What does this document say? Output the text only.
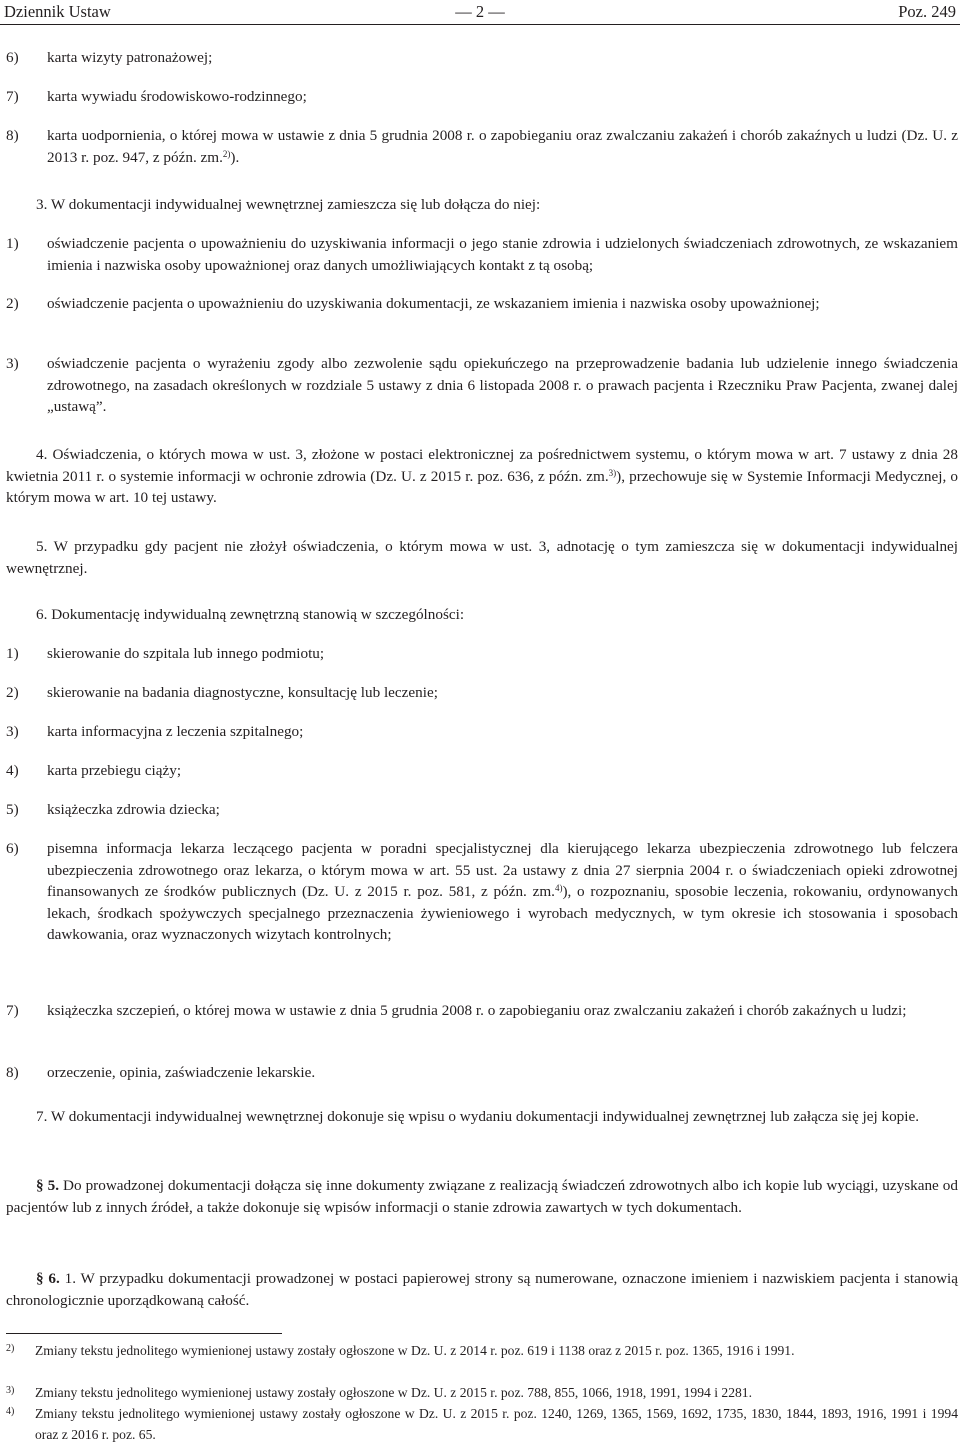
Dziennik Ustaw	— 2 —	Poz. 249
6) karta wizyty patronażowej;
7) karta wywiadu środowiskowo-rodzinnego;
8) karta uodpornienia, o której mowa w ustawie z dnia 5 grudnia 2008 r. o zapobieganiu oraz zwalczaniu zakażeń i chorób zakaźnych u ludzi (Dz. U. z 2013 r. poz. 947, z późn. zm.$^{2)}$).
3. W dokumentacji indywidualnej wewnętrznej zamieszcza się lub dołącza do niej:
1) oświadczenie pacjenta o upoważnieniu do uzyskiwania informacji o jego stanie zdrowia i udzielonych świadczeniach zdrowotnych, ze wskazaniem imienia i nazwiska osoby upoważnionej oraz danych umożliwiających kontakt z tą osobą;
2) oświadczenie pacjenta o upoważnieniu do uzyskiwania dokumentacji, ze wskazaniem imienia i nazwiska osoby upoważnionej;
3) oświadczenie pacjenta o wyrażeniu zgody albo zezwolenie sądu opiekuńczego na przeprowadzenie badania lub udzielenie innego świadczenia zdrowotnego, na zasadach określonych w rozdziale 5 ustawy z dnia 6 listopada 2008 r. o prawach pacjenta i Rzeczniku Praw Pacjenta, zwanej dalej „ustawą”.
4. Oświadczenia, o których mowa w ust. 3, złożone w postaci elektronicznej za pośrednictwem systemu, o którym mowa w art. 7 ustawy z dnia 28 kwietnia 2011 r. o systemie informacji w ochronie zdrowia (Dz. U. z 2015 r. poz. 636, z późn. zm.$^{3)}$), przechowuje się w Systemie Informacji Medycznej, o którym mowa w art. 10 tej ustawy.
5. W przypadku gdy pacjent nie złożył oświadczenia, o którym mowa w ust. 3, adnotację o tym zamieszcza się w dokumentacji indywidualnej wewnętrznej.
6. Dokumentację indywidualną zewnętrzną stanowią w szczególności:
1) skierowanie do szpitala lub innego podmiotu;
2) skierowanie na badania diagnostyczne, konsultację lub leczenie;
3) karta informacyjna z leczenia szpitalnego;
4) karta przebiegu ciąży;
5) książeczka zdrowia dziecka;
6) pisemna informacja lekarza leczącego pacjenta w poradni specjalistycznej dla kierującego lekarza ubezpieczenia zdrowotnego lub felczera ubezpieczenia zdrowotnego oraz lekarza, o którym mowa w art. 55 ust. 2a ustawy z dnia 27 sierpnia 2004 r. o świadczeniach opieki zdrowotnej finansowanych ze środków publicznych (Dz. U. z 2015 r. poz. 581, z późn. zm.$^{4)}$), o rozpoznaniu, sposobie leczenia, rokowaniu, ordynowanych lekach, środkach spożywczych specjalnego przeznaczenia żywieniowego i wyrobach medycznych, w tym okresie ich stosowania i sposobach dawkowania, oraz wyznaczonych wizytach kontrolnych;
7) książeczka szczepień, o której mowa w ustawie z dnia 5 grudnia 2008 r. o zapobieganiu oraz zwalczaniu zakażeń i chorób zakaźnych u ludzi;
8) orzeczenie, opinia, zaświadczenie lekarskie.
7. W dokumentacji indywidualnej wewnętrznej dokonuje się wpisu o wydaniu dokumentacji indywidualnej zewnętrznej lub załącza się jej kopie.
§ 5. Do prowadzonej dokumentacji dołącza się inne dokumenty związane z realizacją świadczeń zdrowotnych albo ich kopie lub wyciągi, uzyskane od pacjentów lub z innych źródeł, a także dokonuje się wpisów informacji o stanie zdrowia zawartych w tych dokumentach.
§ 6. 1. W przypadku dokumentacji prowadzonej w postaci papierowej strony są numerowane, oznaczone imieniem i nazwiskiem pacjenta i stanowią chronologicznie uporządkowaną całość.
2) Zmiany tekstu jednolitego wymienionej ustawy zostały ogłoszone w Dz. U. z 2014 r. poz. 619 i 1138 oraz z 2015 r. poz. 1365, 1916 i 1991.
3) Zmiany tekstu jednolitego wymienionej ustawy zostały ogłoszone w Dz. U. z 2015 r. poz. 788, 855, 1066, 1918, 1991, 1994 i 2281.
4) Zmiany tekstu jednolitego wymienionej ustawy zostały ogłoszone w Dz. U. z 2015 r. poz. 1240, 1269, 1365, 1569, 1692, 1735, 1830, 1844, 1893, 1916, 1991 i 1994 oraz z 2016 r. poz. 65.
